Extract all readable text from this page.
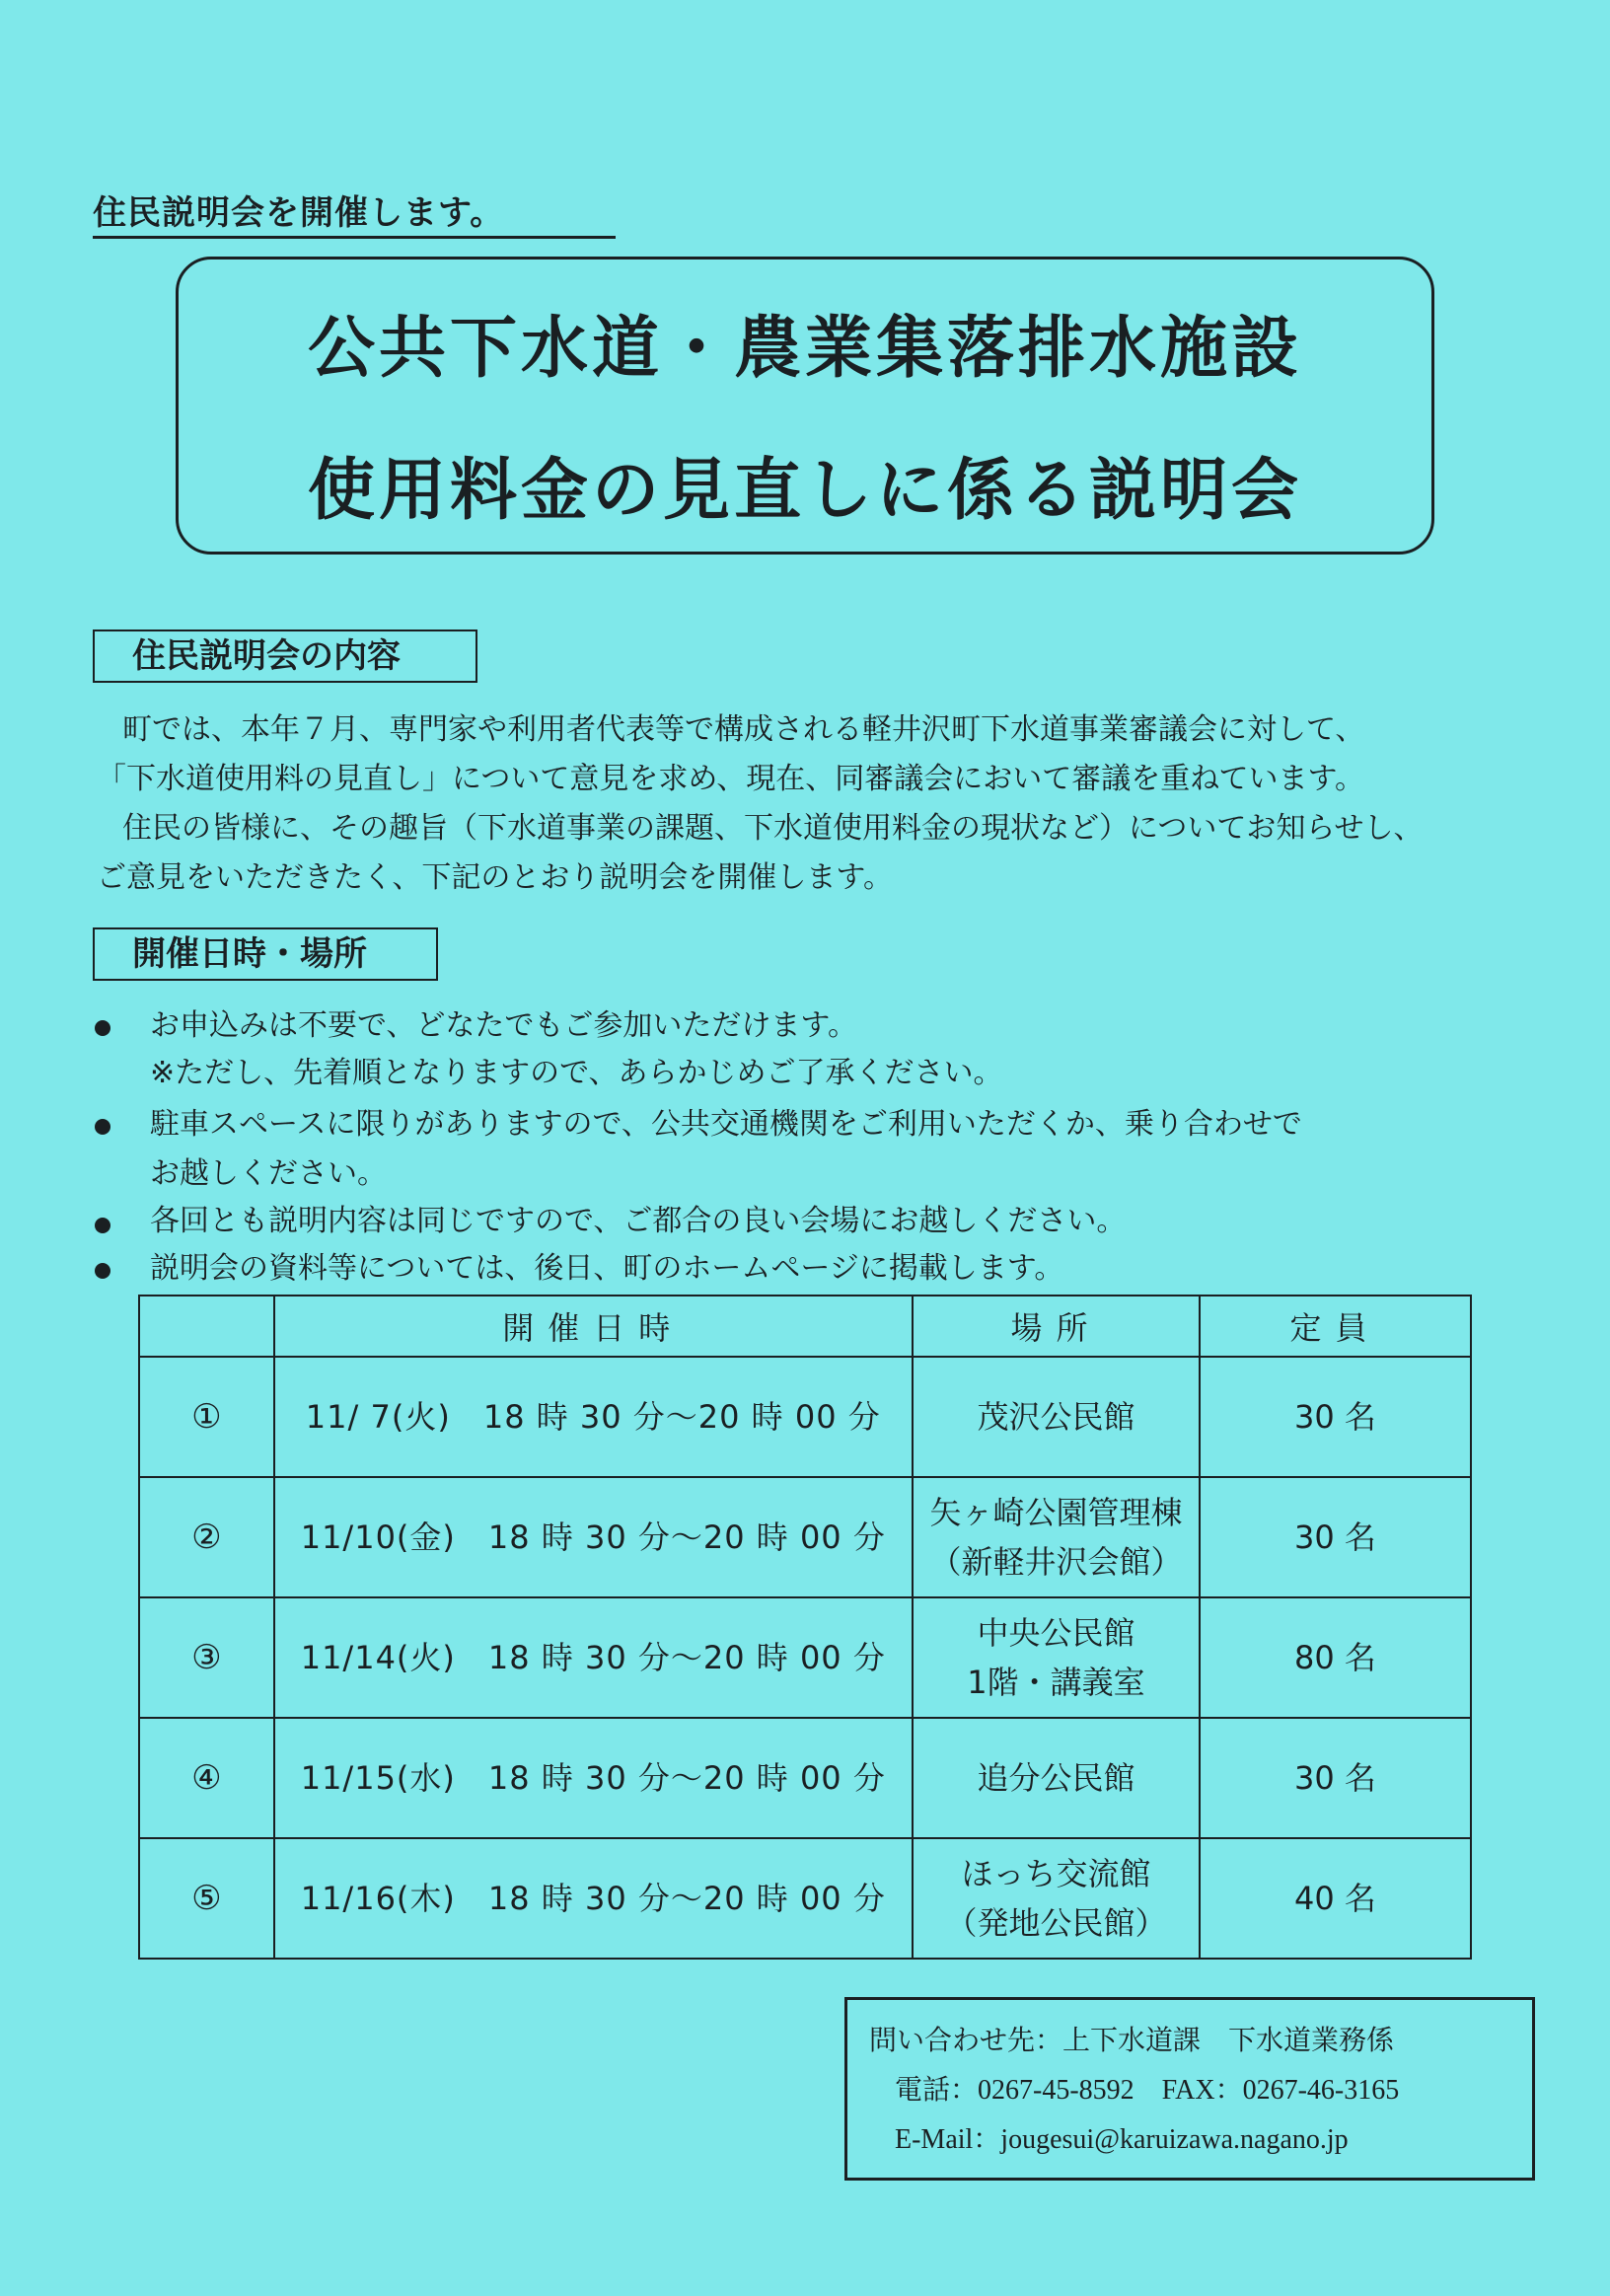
住民説明会を開催します。
公共下水道・農業集落排水施設
使用料金の見直しに係る説明会
住民説明会の内容
町では、本年７月、専門家や利用者代表等で構成される軽井沢町下水道事業審議会に対して、
「下水道使用料の見直し」について意見を求め、現在、同審議会において審議を重ねています。
住民の皆様に、その趣旨（下水道事業の課題、下水道使用料金の現状など）についてお知らせし、
ご意見をいただきたく、下記のとおり説明会を開催します。
開催日時・場所
お申込みは不要で、どなたでもご参加いただけます。
※ただし、先着順となりますので、あらかじめご了承ください。
駐車スペースに限りがありますので、公共交通機関をご利用いただくか、乗り合わせで
お越しください。
各回とも説明内容は同じですので、ご都合の良い会場にお越しください。
説明会の資料等については、後日、町のホームページに掲載します。
	開催日時	場所	定員
①	11/ 7(火)　 18 時 30 分～20 時 00 分	茂沢公民館	30 名
②	11/10(金)　 18 時 30 分～20 時 00 分	矢ヶ崎公園管理棟
（新軽井沢会館）	30 名
③	11/14(火)　 18 時 30 分～20 時 00 分	中央公民館
1階・講義室	80 名
④	11/15(水)　 18 時 30 分～20 時 00 分	追分公民館	30 名
⑤	11/16(木)　 18 時 30 分～20 時 00 分	ほっち交流館
（発地公民館）	40 名
問い合わせ先：上下水道課　下水道業務係
電話：0267-45-8592　FAX：0267-46-3165
E-Mail：jougesui@karuizawa.nagano.jp
